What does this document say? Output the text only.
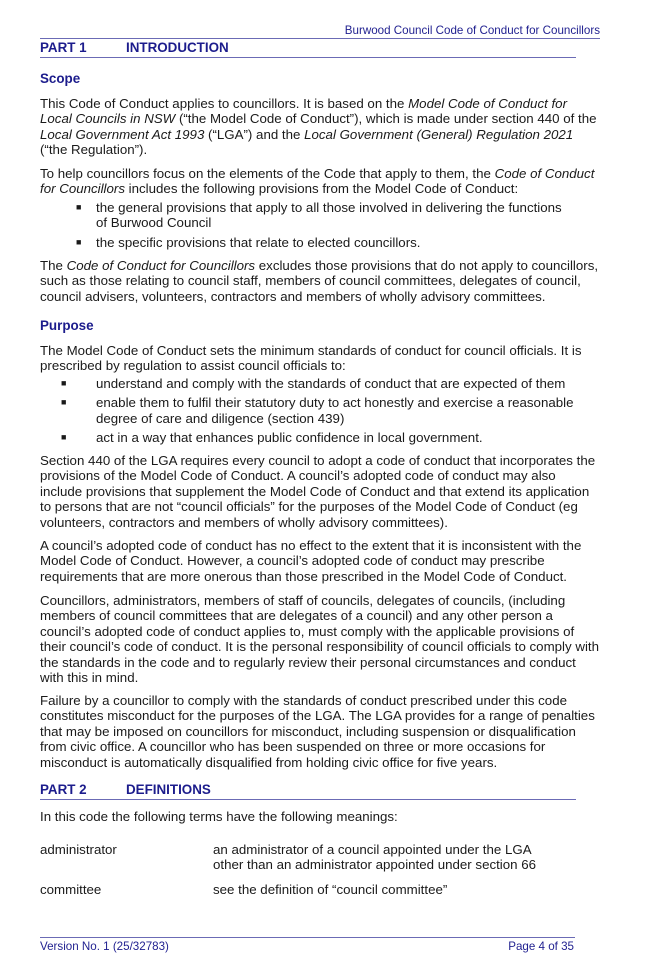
Burwood Council Code of Conduct for Councillors
PART 1	INTRODUCTION
Scope

This Code of Conduct applies to councillors. It is based on the Model Code of Conduct for Local Councils in NSW (“the Model Code of Conduct”), which is made under section 440 of the Local Government Act 1993 (“LGA”) and the Local Government (General) Regulation 2021 (“the Regulation”).

To help councillors focus on the elements of the Code that apply to them, the Code of Conduct for Councillors includes the following provisions from the Model Code of Conduct:

■ the general provisions that apply to all those involved in delivering the functions of Burwood Council
■ the specific provisions that relate to elected councillors.

The Code of Conduct for Councillors excludes those provisions that do not apply to councillors, such as those relating to council staff, members of council committees, delegates of council, council advisers, volunteers, contractors and members of wholly advisory committees.

Purpose

The Model Code of Conduct sets the minimum standards of conduct for council officials. It is prescribed by regulation to assist council officials to:

■ understand and comply with the standards of conduct that are expected of them
■ enable them to fulfil their statutory duty to act honestly and exercise a reasonable degree of care and diligence (section 439)
■ act in a way that enhances public confidence in local government.

Section 440 of the LGA requires every council to adopt a code of conduct that incorporates the provisions of the Model Code of Conduct. A council’s adopted code of conduct may also include provisions that supplement the Model Code of Conduct and that extend its application to persons that are not “council officials” for the purposes of the Model Code of Conduct (eg volunteers, contractors and members of wholly advisory committees).

A council’s adopted code of conduct has no effect to the extent that it is inconsistent with the Model Code of Conduct. However, a council’s adopted code of conduct may prescribe requirements that are more onerous than those prescribed in the Model Code of Conduct.

Councillors, administrators, members of staff of councils, delegates of councils, (including members of council committees that are delegates of a council) and any other person a council’s adopted code of conduct applies to, must comply with the applicable provisions of their council’s code of conduct. It is the personal responsibility of council officials to comply with the standards in the code and to regularly review their personal circumstances and conduct with this in mind.

Failure by a councillor to comply with the standards of conduct prescribed under this code constitutes misconduct for the purposes of the LGA. The LGA provides for a range of penalties that may be imposed on councillors for misconduct, including suspension or disqualification from civic office. A councillor who has been suspended on three or more occasions for misconduct is automatically disqualified from holding civic office for five years.

PART 2	DEFINITIONS

In this code the following terms have the following meanings:

administrator	an administrator of a council appointed under the LGA other than an administrator appointed under section 66
committee	see the definition of “council committee”
Version No. 1 (25/32783)	Page 4 of 35
